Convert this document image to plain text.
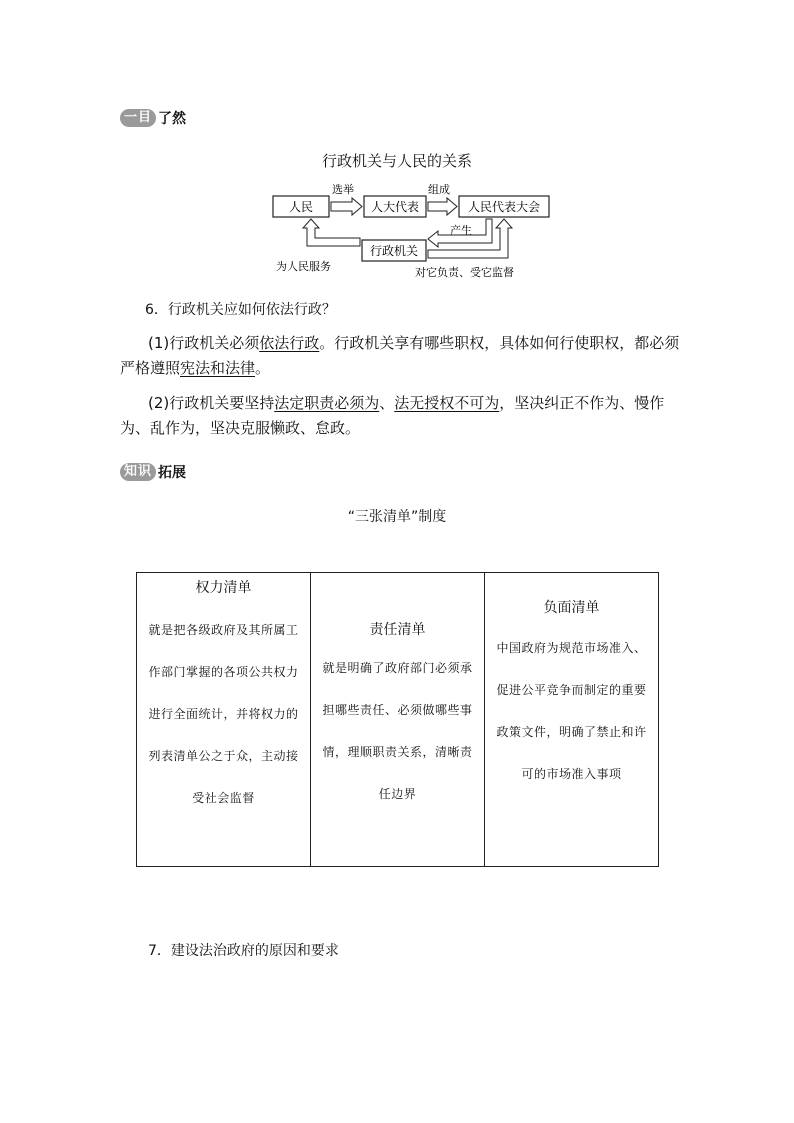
一目 了然
行政机关与人民的关系
人民	人大代表	人民代表大会
行政机关
选举	组成
产生
为人民服务	对它负责、受它监督
6．行政机关应如何依法行政？
(1)行政机关必须依法行政。行政机关享有哪些职权，具体如何行使职权，都必须严格遵照宪法和法律。
(2)行政机关要坚持法定职责必须为、法无授权不可为，坚决纠正不作为、慢作为、乱作为，坚决克服懒政、怠政。
知识 拓展
“三张清单”制度
权力清单
就是把各级政府及其所属工作部门掌握的各项公共权力进行全面统计，并将权力的列表清单公之于众，主动接受社会监督

责任清单
就是明确了政府部门必须承担哪些责任、必须做哪些事情，理顺职责关系，清晰责任边界

负面清单
中国政府为规范市场准入、促进公平竞争而制定的重要政策文件，明确了禁止和许可的市场准入事项
7．建设法治政府的原因和要求
